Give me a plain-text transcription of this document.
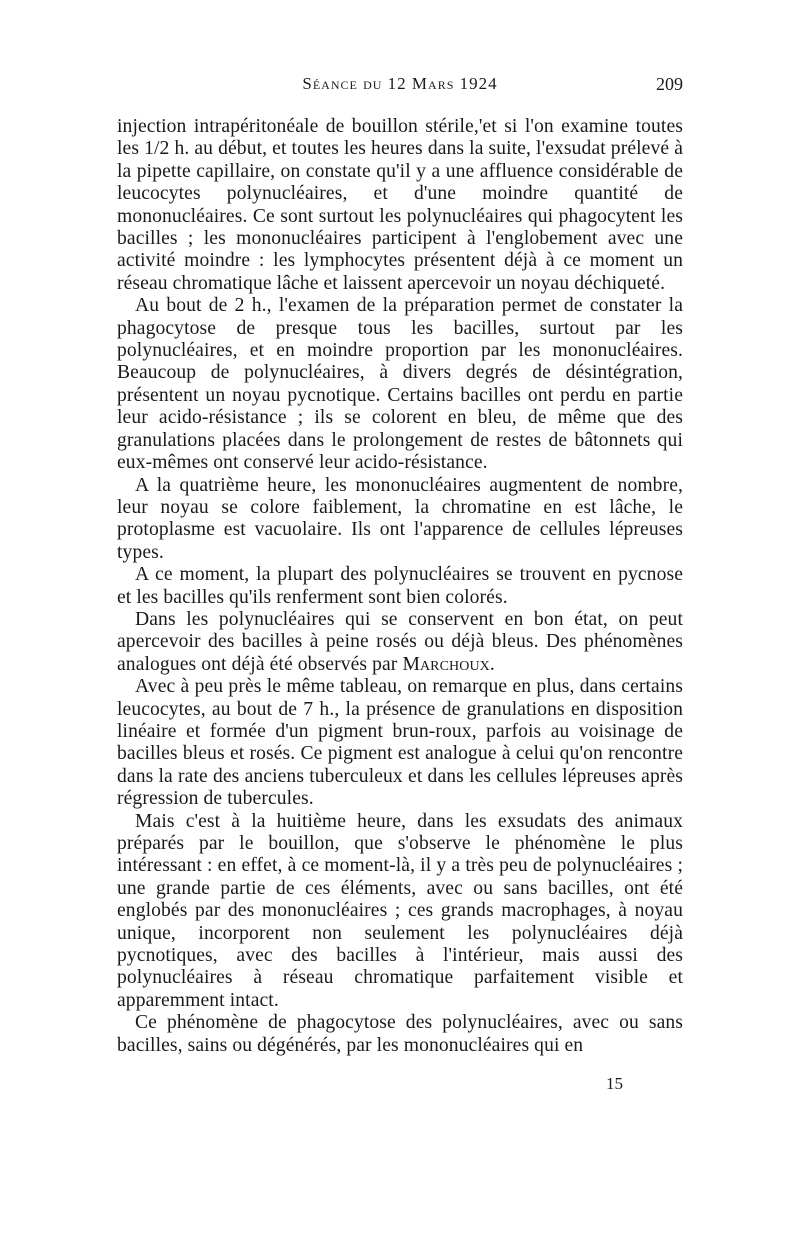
Séance du 12 Mars 1924	209

injection intrapéritonéale de bouillon stérile,'et si l'on examine toutes les 1/2 h. au début, et toutes les heures dans la suite, l'exsudat prélevé à la pipette capillaire, on constate qu'il y a une affluence considérable de leucocytes polynucléaires, et d'une moindre quantité de mononucléaires. Ce sont surtout les polynucléaires qui phagocytent les bacilles ; les mononucléaires participent à l'englobement avec une activité moindre : les lymphocytes présentent déjà à ce moment un réseau chromatique lâche et laissent apercevoir un noyau déchiqueté.

Au bout de 2 h., l'examen de la préparation permet de constater la phagocytose de presque tous les bacilles, surtout par les polynucléaires, et en moindre proportion par les mononucléaires. Beaucoup de polynucléaires, à divers degrés de désintégration, présentent un noyau pycnotique. Certains bacilles ont perdu en partie leur acido-résistance ; ils se colorent en bleu, de même que des granulations placées dans le prolongement de restes de bâtonnets qui eux-mêmes ont conservé leur acido-résistance.

A la quatrième heure, les mononucléaires augmentent de nombre, leur noyau se colore faiblement, la chromatine en est lâche, le protoplasme est vacuolaire. Ils ont l'apparence de cellules lépreuses types.

A ce moment, la plupart des polynucléaires se trouvent en pycnose et les bacilles qu'ils renferment sont bien colorés.

Dans les polynucléaires qui se conservent en bon état, on peut apercevoir des bacilles à peine rosés ou déjà bleus. Des phénomènes analogues ont déjà été observés par Marchoux.

Avec à peu près le même tableau, on remarque en plus, dans certains leucocytes, au bout de 7 h., la présence de granulations en disposition linéaire et formée d'un pigment brun-roux, parfois au voisinage de bacilles bleus et rosés. Ce pigment est analogue à celui qu'on rencontre dans la rate des anciens tuberculeux et dans les cellules lépreuses après régression de tubercules.

Mais c'est à la huitième heure, dans les exsudats des animaux préparés par le bouillon, que s'observe le phénomène le plus intéressant : en effet, à ce moment-là, il y a très peu de polynucléaires ; une grande partie de ces éléments, avec ou sans bacilles, ont été englobés par des mononucléaires ; ces grands macrophages, à noyau unique, incorporent non seulement les polynucléaires déjà pycnotiques, avec des bacilles à l'intérieur, mais aussi des polynucléaires à réseau chromatique parfaitement visible et apparemment intact.

Ce phénomène de phagocytose des polynucléaires, avec ou sans bacilles, sains ou dégénérés, par les mononucléaires qui en

15
